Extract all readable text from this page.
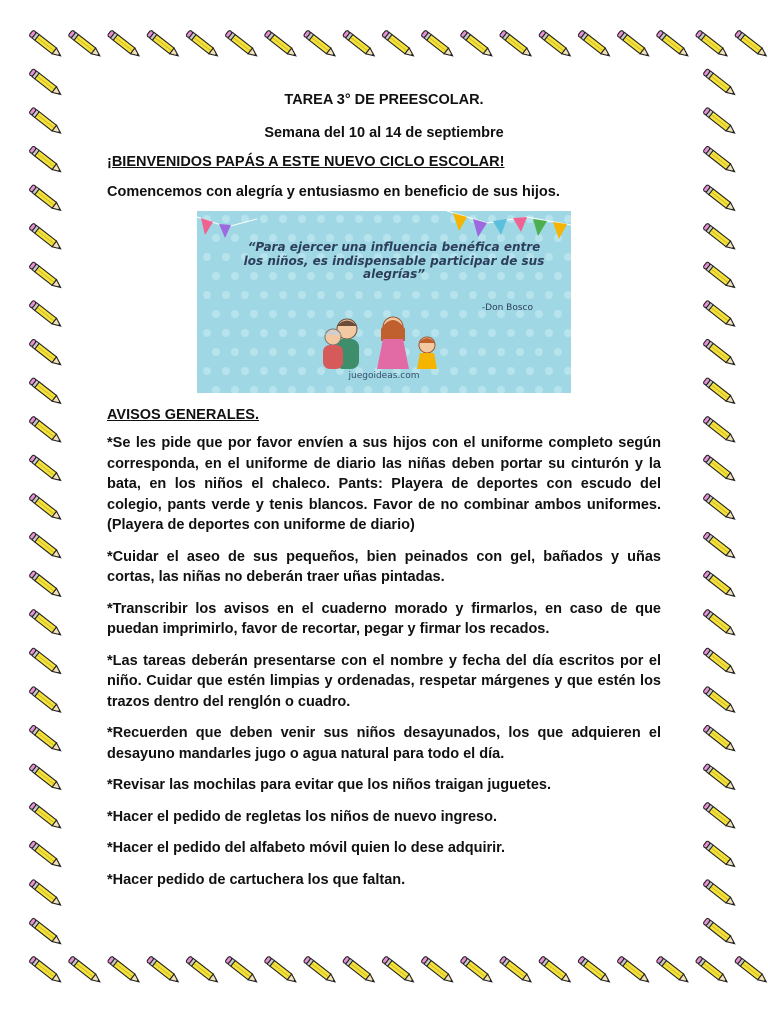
TAREA 3° DE PREESCOLAR.

Semana del 10 al 14 de septiembre

¡BIENVENIDOS PAPÁS A ESTE NUEVO CICLO ESCOLAR!

Comencemos con alegría y entusiasmo en beneficio de sus hijos.

“Para ejercer una influencia benéfica entre los niños, es indispensable participar de sus alegrías”
-Don Bosco
juegoideas.com

AVISOS GENERALES.

*Se les pide que por favor envíen a sus hijos con el uniforme completo según corresponda, en el uniforme de diario las niñas deben portar su cinturón y la bata, en los niños el chaleco. Pants: Playera de deportes con escudo del colegio, pants verde y tenis blancos. Favor de no combinar ambos uniformes. (Playera de deportes con uniforme de diario)

*Cuidar el aseo de sus pequeños, bien peinados con gel, bañados y uñas cortas, las niñas no deberán traer uñas pintadas.

*Transcribir los avisos en el cuaderno morado y firmarlos, en caso de que puedan imprimirlo, favor de recortar, pegar y firmar los recados.

*Las tareas deberán presentarse con el nombre y fecha del día escritos por el niño. Cuidar que estén limpias y ordenadas, respetar márgenes y que estén los trazos dentro del renglón o cuadro.

*Recuerden que deben venir sus niños desayunados, los que adquieren el desayuno mandarles jugo o agua natural para todo el día.

*Revisar las mochilas para evitar que los niños traigan juguetes.

*Hacer el pedido de regletas los niños de nuevo ingreso.

*Hacer el pedido del alfabeto móvil quien lo dese adquirir.

*Hacer pedido de cartuchera los que faltan.
